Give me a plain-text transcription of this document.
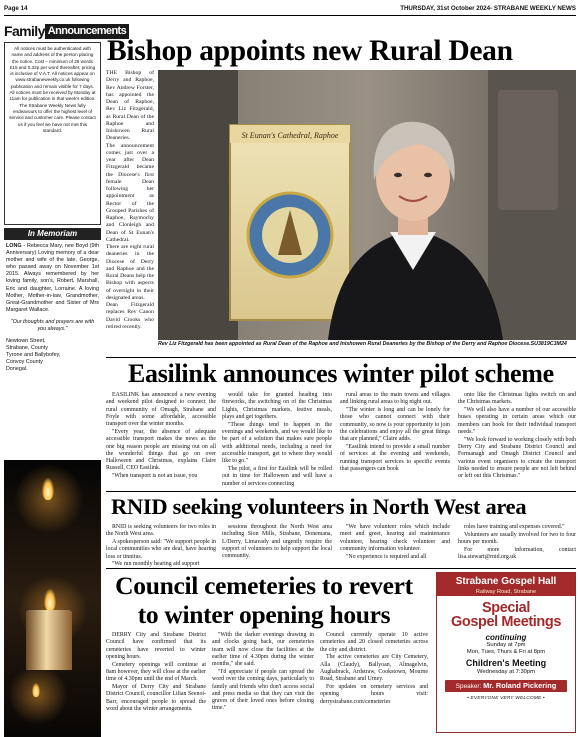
Page 14	THURSDAY, 31st October 2024- STRABANE WEEKLY NEWS
Family Announcements
All notices must be authenticated with name and address of the person placing the notice. Cost – minimum of 25 words £15 and 0.32p per word thereafter, pricing is inclusive of V.A.T. All notices appear on www.strabaneweekly.co.uk following publication and remain visible for 7 days. All notices must be received by Monday at 11am for publication in that week's edition. The Strabane Weekly News fully endeavours to offer the highest level of service and customer care. Please contact us if you feel we have not met this standard.
In Memoriam
LONG - Rebecca Mary, nee Boyd (9th Anniversary) Loving memory of a dear mother and wife of the late, George, who passed away on November 1st 2015. Always remembered by her loving family, son's, Robert, Marshall, Eric and daughter, Lorraine. A loving Mother, Mother-in-law, Grandmother, Great-Grandmother and Sister of Mrs Margaret Wallace.
"Our thoughts and prayers are with you always."
Newtown Street,
Strabane, County
Tyrone and Ballybofey,
Convoy County
Donegal.
Bishop appoints new Rural Dean

THE Bishop of Derry and Raphoe, Rev Andrew Forster, has appointed the Dean of Raphoe, Rev Liz Fitzgerald, as Rural Dean of the Raphoe and Inishowen Rural Deaneries.

The announcement comes just over a year after Dean Fitzgerald became the Diocese's first female Dean following her appointment as Rector of the Grouped Parishes of Raphoe, Raymochy and Clonleigh and Dean of St Eunan's Cathedral.

There are eight rural deaneries in the Diocese of Derry and Raphoe and the Rural Deans help the Bishop with aspects of oversight in their designated areas.

Dean Fitzgerald replaces Rev Canon David Crooks who retired recently.

St Eunan's Cathedral, Raphoe
Rev Liz Fitzgerald has been appointed as Rural Dean of the Raphoe and Inishowen Rural Deaneries by the Bishop of the Derry and Raphoe Diocese.SU3819C3M24
Easilink announces winter pilot scheme

EASILINK has announced a new evening and weekend pilot designed to connect the rural community of Omagh, Strabane and Foyle with some affordable, accessible transport over the winter months.

"Every year, the absence of adequate accessible transport makes the news as the one big reason people are missing out on all the wonderful things that go on over Halloween and Christmas, explains Claire Russell, CEO Easilink.

"When transport is not an issue, you

would take for granted heading into fireworks, the switching on of the Christmas Lights, Christmas markets, festive meals, plays and get togethers.

"These things tend to happen in the evenings and weekends, and we would like to be part of a solution that makes sure people with additional needs, including a need for accessible transport, get to where they would like to go."

The pilot, a first for Easilink will be rolled out in time for Halloween and will have a number of services connecting

rural areas to the main towns and villages and linking rural areas to big night out.

"The winter is long and can be lonely for those who cannot connect with their community, so now is your opportunity to join the celebrations and enjoy all the great things that are planned," Claire adds.

"Easilink intend to provide a small number of services at the evening and weekends, running transport services to specific events that passengers can book

onto like the Christmas lights switch on and the Christmas markets.

"We will also have a number of our accessible buses operating in certain areas which our members can book for their individual transport needs."

"We look forward to working closely with both Derry City and Strabane District Council and Fermanagh and Omagh District Council and various event organisers to create the transport links needed to ensure people are not left behind or left out this Christmas."

RNID seeking volunteers in North West area

RNID is seeking volunteers for two roles in the North West area.

A spokesperson said: "We support people in local communities who are deaf, have hearing loss or tinnitus.

"We run monthly hearing aid support

sessions throughout the North West area including Sion Mills, Strabane, Donemana, L/Derry, Limavady and urgently require the support of volunteers to help support the local community.

"We have volunteer roles which include meet and greet, hearing aid maintenance volunteer, hearing check volunteer and community information volunteer.

"No experience is required and all

roles have training and expenses covered."

Volunteers are usually involved for two to four hours per month.

For more information, contact lisa.stewart@rnid.org.uk

Council cemeteries to revert
to winter opening hours

DERRY City and Strabane District Council have confirmed that its cemeteries have reverted to winter opening hours.

Cemetery openings will continue at 8am however, they will close at the earlier time of 4.30pm until the end of March.

Mayor of Derry City and Strabane District Council, councillor Lilian Seenoi-Barr, encouraged people to spread the word about the winter arrangements.

"With the darker evenings drawing in and clocks going back, our cemeteries team will now close the facilities at the earlier time of 4.30pm during the winter months," she said.

"I'd appreciate if people can spread the word over the coming days, particularly to family and friends who don't access social and press media so that they can visit the graves of their loved ones before closing time."

Council currently operate 10 active cemeteries and 20 closed cemeteries across the city and district.

The active cemeteries are City Cemetery, Alla (Claudy), Ballyoan, Altnagelvin, Aughabrack, Ardstraw, Cookstown, Mourne Road, Strabane and Urney.

For updates on cemetery services and opening hours visit: derrystrabane.com/cemeteries

Strabane Gospel Hall
Railway Road, Strabane
Special
Gospel Meetings
continuing
Sunday at 7pm
Mon, Tues, Thurs & Fri at 8pm
Children's Meeting
Wednesday at 7:30pm
Speaker: Mr. Roland Pickering
• EVERYONE VERY WELCOME •
